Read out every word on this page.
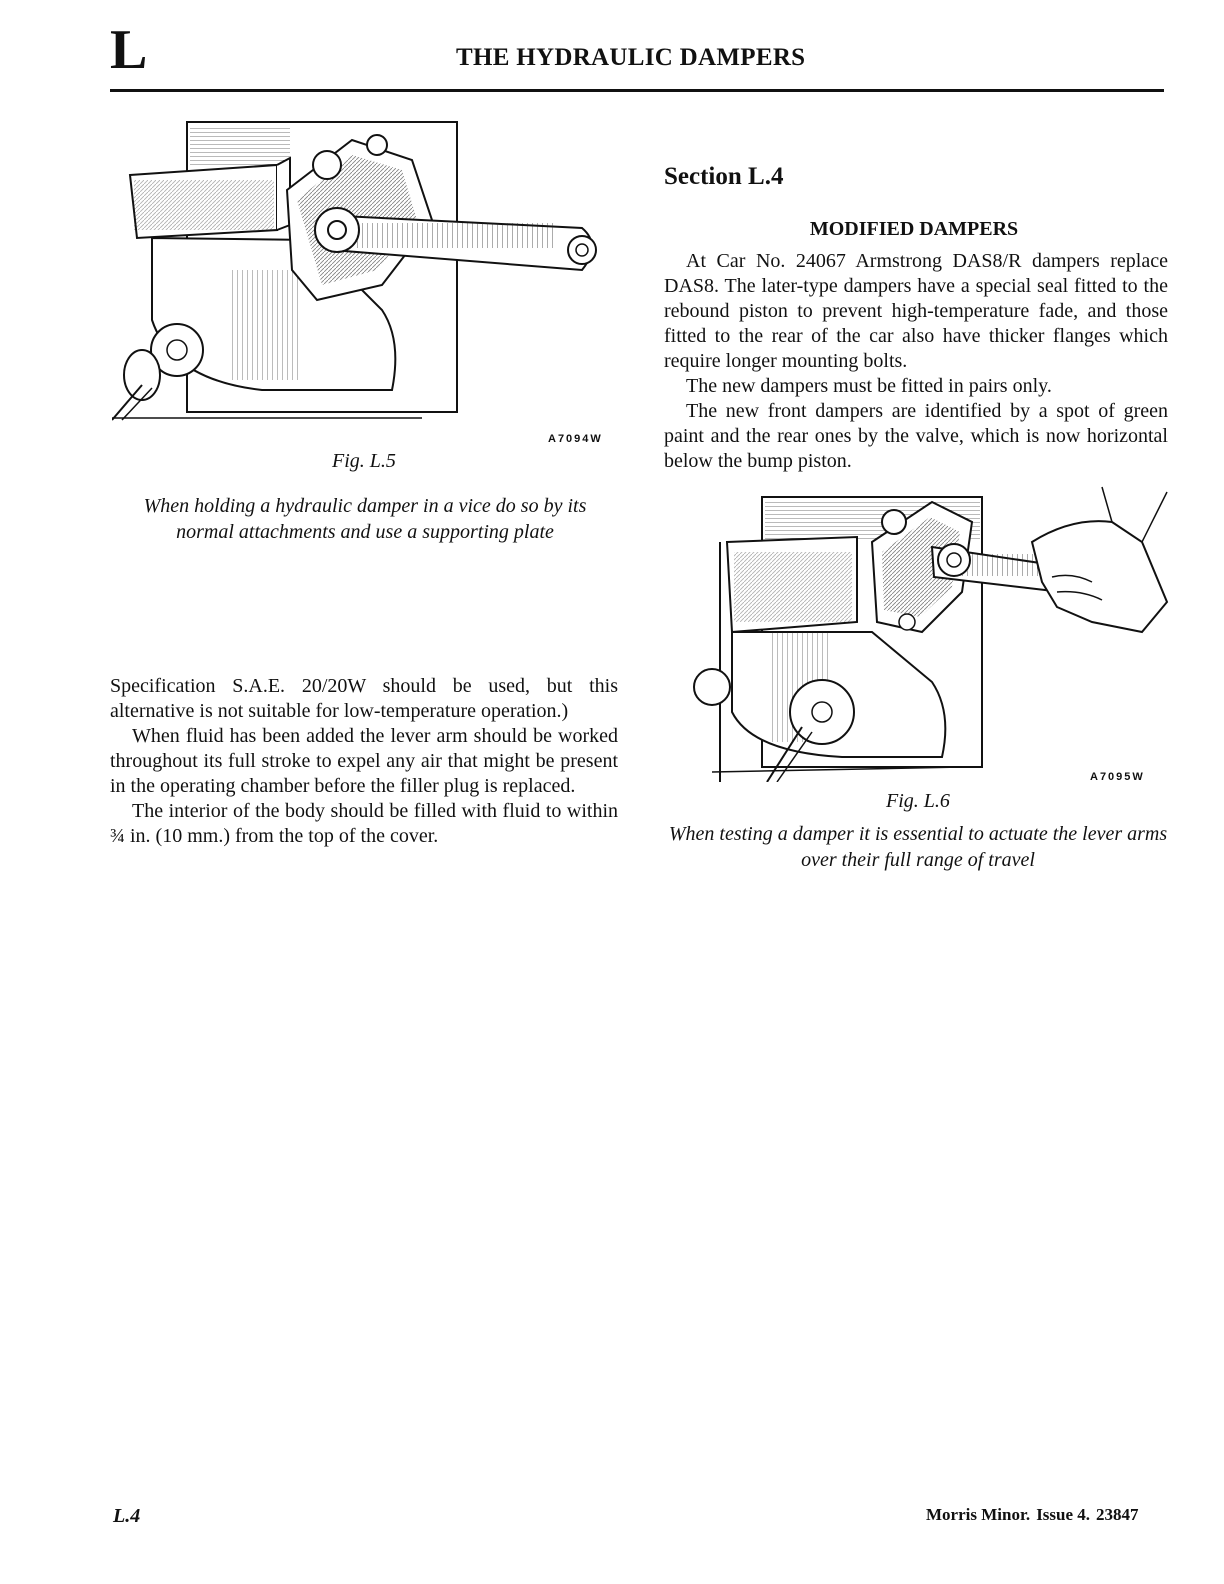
L	THE HYDRAULIC DAMPERS
A7094W
Fig. L.5
When holding a hydraulic damper in a vice do so by its normal attachments and use a supporting plate

Specification S.A.E. 20/20W should be used, but this alternative is not suitable for low-temperature operation.)

When fluid has been added the lever arm should be worked throughout its full stroke to expel any air that might be present in the operating chamber before the filler plug is replaced.

The interior of the body should be filled with fluid to within ¾ in. (10 mm.) from the top of the cover.

Section L.4
MODIFIED DAMPERS

At Car No. 24067 Armstrong DAS8/R dampers replace DAS8. The later-type dampers have a special seal fitted to the rebound piston to prevent high-temperature fade, and those fitted to the rear of the car also have thicker flanges which require longer mounting bolts.

The new dampers must be fitted in pairs only.

The new front dampers are identified by a spot of green paint and the rear ones by the valve, which is now horizontal below the bump piston.

A7095W
Fig. L.6
When testing a damper it is essential to actuate the lever arms over their full range of travel
L.4	Morris Minor. Issue 4. 23847
